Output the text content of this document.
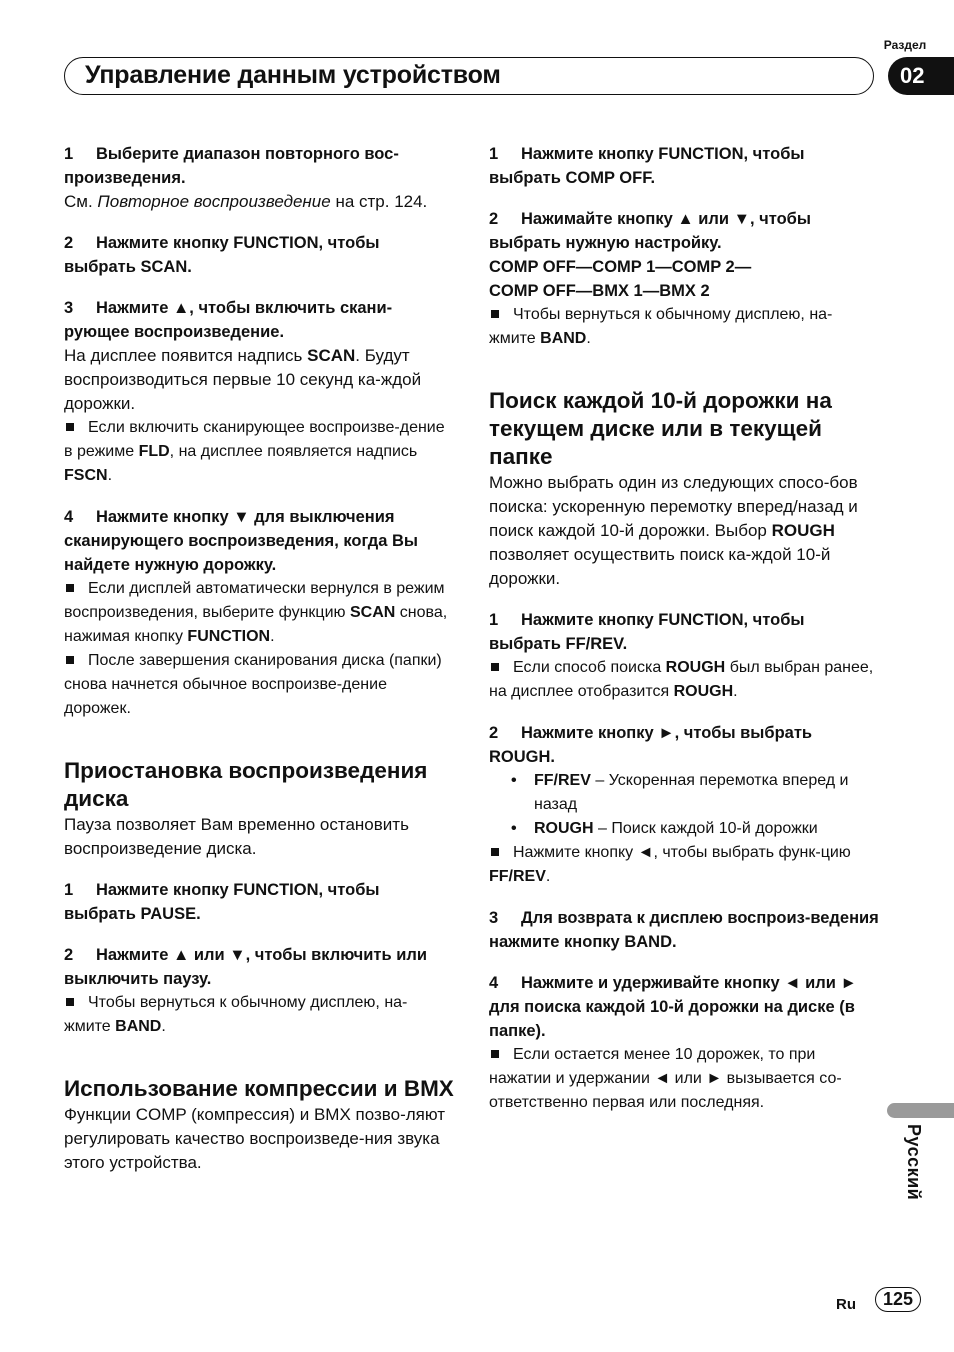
Раздел
Управление данным устройством	02

1 Выберите диапазон повторного вос-произведения.

См. Повторное воспроизведение на стр. 124.

2 Нажмите кнопку FUNCTION, чтобы выбрать SCAN.

3 Нажмите ▲, чтобы включить скани-рующее воспроизведение.

На дисплее появится надпись SCAN. Будут воспроизводиться первые 10 секунд ка-ждой дорожки.

Если включить сканирующее воспроизве-дение в режиме FLD, на дисплее появляется надпись FSCN.

4 Нажмите кнопку ▼ для выключения сканирующего воспроизведения, когда Вы найдете нужную дорожку.

Если дисплей автоматически вернулся в режим воспроизведения, выберите функцию SCAN снова, нажимая кнопку FUNCTION.

После завершения сканирования диска (папки) снова начнется обычное воспроизве-дение дорожек.

Приостановка воспроизведения диска

Пауза позволяет Вам временно остановить воспроизведение диска.

1 Нажмите кнопку FUNCTION, чтобы выбрать PAUSE.

2 Нажмите ▲ или ▼, чтобы включить или выключить паузу.

Чтобы вернуться к обычному дисплею, на-жмите BAND.

Использование компрессии и BMX

Функции COMP (компрессия) и BMX позво-ляют регулировать качество воспроизведе-ния звука этого устройства.

1 Нажмите кнопку FUNCTION, чтобы выбрать COMP OFF.

2 Нажимайте кнопку ▲ или ▼, чтобы выбрать нужную настройку.

COMP OFF—COMP 1—COMP 2—

COMP OFF—BMX 1—BMX 2

Чтобы вернуться к обычному дисплею, на-жмите BAND.

Поиск каждой 10-й дорожки на текущем диске или в текущей папке

Можно выбрать один из следующих спосо-бов поиска: ускоренную перемотку вперед/назад и поиск каждой 10-й дорожки. Выбор ROUGH позволяет осуществить поиск ка-ждой 10-й дорожки.

1 Нажмите кнопку FUNCTION, чтобы выбрать FF/REV.

Если способ поиска ROUGH был выбран ранее, на дисплее отобразится ROUGH.

2 Нажмите кнопку ►, чтобы выбрать ROUGH.

• FF/REV – Ускоренная перемотка вперед и назад

• ROUGH – Поиск каждой 10-й дорожки

Нажмите кнопку ◄, чтобы выбрать функ-цию FF/REV.

3 Для возврата к дисплею воспроиз-ведения нажмите кнопку BAND.

4 Нажмите и удерживайте кнопку ◄ или ► для поиска каждой 10-й дорожки на диске (в папке).

Если остается менее 10 дорожек, то при нажатии и удержании ◄ или ► вызывается со-ответственно первая или последняя.

Русский
Ru	125
